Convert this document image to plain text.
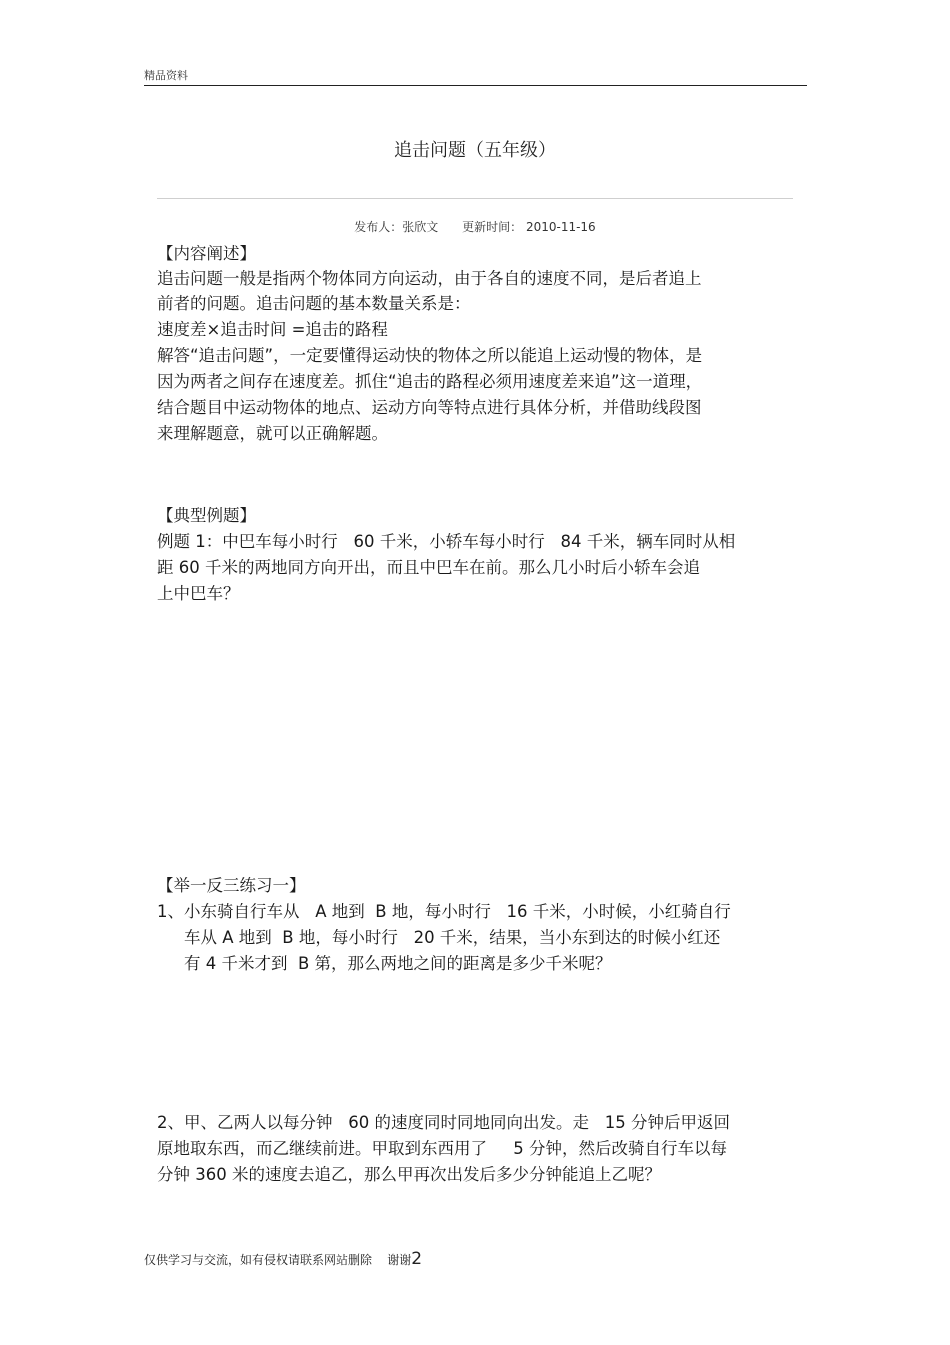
精品资料
追击问题（五年级）
发布人：张欣文 更新时间： 2010-11-16
【内容阐述】
追击问题一般是指两个物体同方向运动，由于各自的速度不同，是后者追上
前者的问题。追击问题的基本数量关系是：
速度差×追击时间 =追击的路程
解答“追击问题”，一定要懂得运动快的物体之所以能追上运动慢的物体，是
因为两者之间存在速度差。抓住“追击的路程必须用速度差来追”这一道理，
结合题目中运动物体的地点、运动方向等特点进行具体分析，并借助线段图
来理解题意，就可以正确解题。
【典型例题】
例题 1：中巴车每小时行   60 千米，小轿车每小时行   84 千米，辆车同时从相
距 60 千米的两地同方向开出，而且中巴车在前。那么几小时后小轿车会追
上中巴车？
【举一反三练习一】
1、小东骑自行车从   A 地到  B 地，每小时行   16 千米，小时候，小红骑自行
车从 A 地到  B 地，每小时行   20 千米，结果，当小东到达的时候小红还
有 4 千米才到  B 第，那么两地之间的距离是多少千米呢？
2、甲、乙两人以每分钟   60 的速度同时同地同向出发。走   15 分钟后甲返回
原地取东西，而乙继续前进。甲取到东西用了     5 分钟，然后改骑自行车以每
分钟 360 米的速度去追乙，那么甲再次出发后多少分钟能追上乙呢？
仅供学习与交流，如有侵权请联系网站删除    谢谢2
